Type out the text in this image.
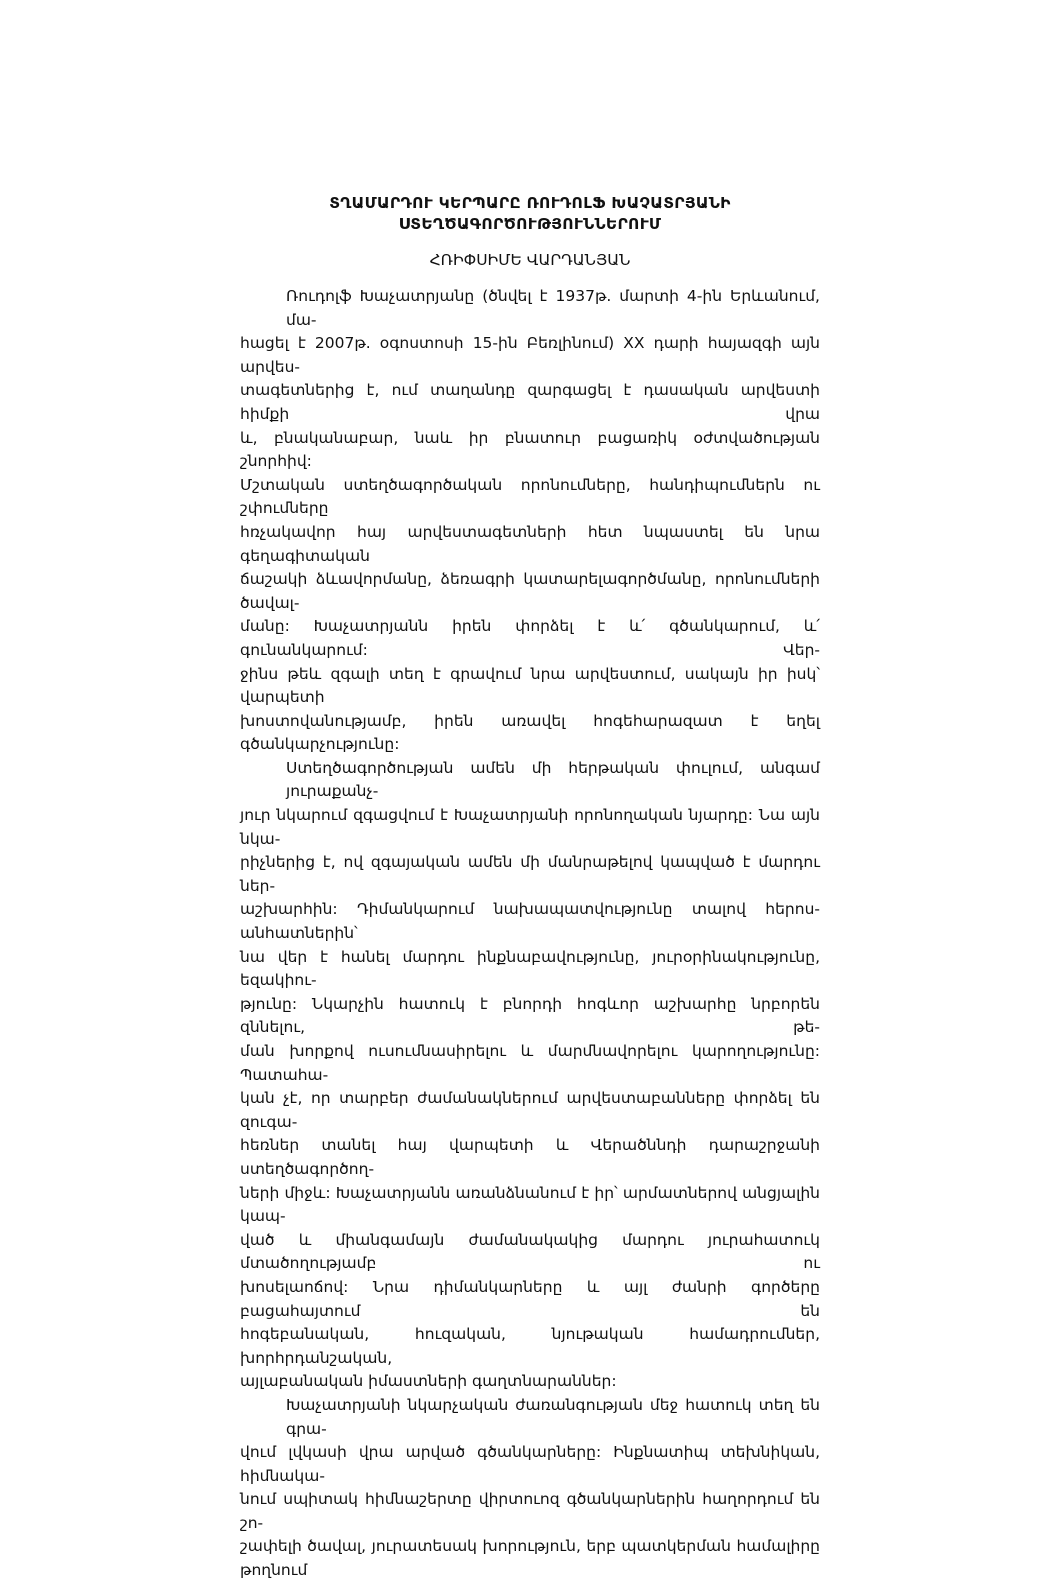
ՏՂԱՄԱՐԴՈՒ ԿԵՐՊԱՐԸ ՌՈՒԴՈԼՖ ԽԱՉԱՏՐՅԱՆԻ
ՍՏԵՂԾԱԳՈՐԾՈՒԹՅՈՒՆՆԵՐՈՒՄ
ՀՌԻՓՍԻՄԵ ՎԱՐԴԱՆՅԱՆ

Ռուդոլֆ Խաչատրյանը (ծնվել է 1937թ. մարտի 4-ին Երևանում, մա-
հացել է 2007թ. օգոստոսի 15-ին Բեռլինում) XX դարի հայազգի այն արվես-
տագետներից է, ում տաղանդը զարգացել է դասական արվեստի հիմքի վրա
և, բնականաբար, նաև իր բնատուր բացառիկ օժտվածության շնորհիվ:
Մշտական ստեղծագործական որոնումները, հանդիպումներն ու շփումները
հռչակավոր հայ արվեստագետների հետ նպաստել են նրա գեղագիտական
ճաշակի ձևավորմանը, ձեռագրի կատարելագործմանը, որոնումների ծավալ-
մանը: Խաչատրյանն իրեն փորձել է և՛ գծանկարում, և՛ գունանկարում: Վեր-
ջինս թեև զգալի տեղ է գրավում նրա արվեստում, սակայն իր իսկ՝ վարպետի
խոստովանությամբ, իրեն առավել հոգեհարազատ է եղել գծանկարչությունը:

Ստեղծագործության ամեն մի հերթական փուլում, անգամ յուրաքանչ-
յուր նկարում զգացվում է Խաչատրյանի որոնողական նյարդը: Նա այն նկա-
րիչներից է, ով զգայական ամեն մի մանրաթելով կապված է մարդու ներ-
աշխարհին: Դիմանկարում նախապատվությունը տալով հերոս-անհատներին՝
նա վեր է հանել մարդու ինքնաբավությունը, յուրօրինակությունը, եզակիու-
թյունը: Նկարչին հատուկ է բնորդի հոգևոր աշխարհը նրբորեն զննելու, թե-
ման խորքով ուսումնասիրելու և մարմնավորելու կարողությունը: Պատահա-
կան չէ, որ տարբեր ժամանակներում արվեստաբանները փորձել են զուգա-
հեռներ տանել հայ վարպետի և Վերածննդի դարաշրջանի ստեղծագործող-
ների միջև: Խաչատրյանն առանձնանում է իր՝ արմատներով անցյալին կապ-
ված և միանգամայն ժամանակակից մարդու յուրահատուկ մտածողությամբ ու
խոսելաոճով: Նրա դիմանկարները և այլ ժանրի գործերը բացահայտում են
հոգեբանական, հուզական, նյութական համադրումներ, խորհրդանշական,
այլաբանական իմաստների գաղտնարաններ:

Խաչատրյանի նկարչական ժառանգության մեջ հատուկ տեղ են գրա-
վում լվկասի վրա արված գծանկարները: Ինքնատիպ տեխնիկան, հիմնակա-
նում սպիտակ հիմնաշերտը վիրտուոզ գծանկարներին հաղորդում են շո-
շափելի ծավալ, յուրատեսակ խորություն, երբ պատկերման համալիրը թողնում
